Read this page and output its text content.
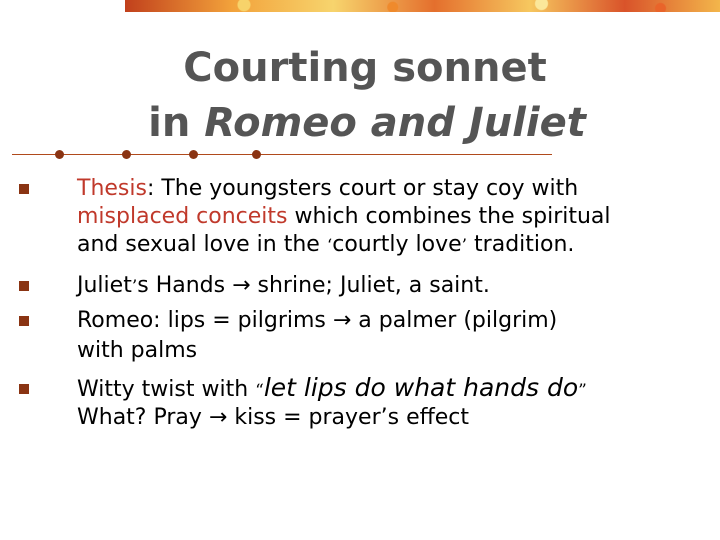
Courting sonnet
in Romeo and Juliet
Thesis: The youngsters court or stay coy with
misplaced conceits which combines the spiritual
and sexual love in the ‘courtly love’ tradition.
Juliet’s Hands → shrine; Juliet, a saint.
Romeo: lips = pilgrims → a palmer (pilgrim)
with palms
Witty twist with “let lips do what hands do”
What? Pray → kiss = prayer’s effect
